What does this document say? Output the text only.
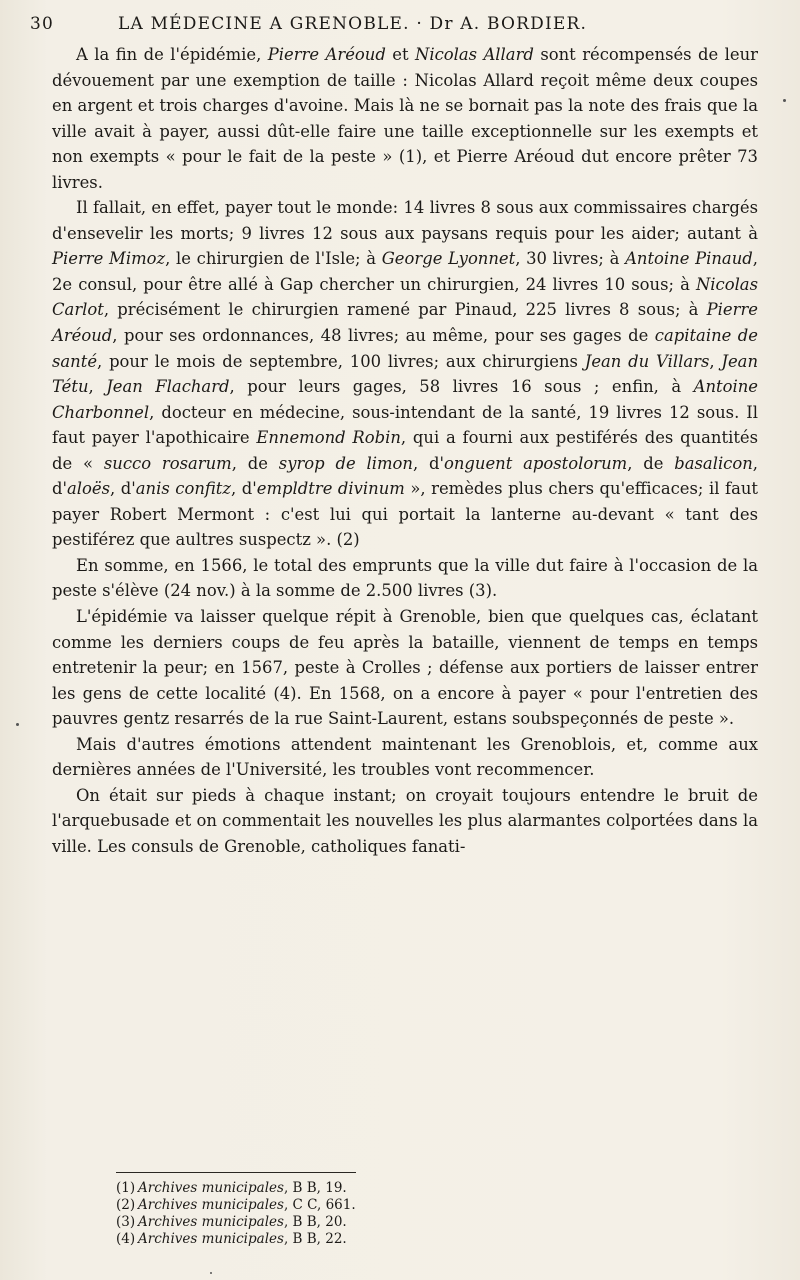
30	LA MÉDECINE A GRENOBLE. · Dr A. BORDIER.

A la fin de l'épidémie, Pierre Aréoud et Nicolas Allard sont récompensés de leur dévouement par une exemption de taille : Nicolas Allard reçoit même deux coupes en argent et trois charges d'avoine. Mais là ne se bornait pas la note des frais que la ville avait à payer, aussi dût-elle faire une taille exceptionnelle sur les exempts et non exempts « pour le fait de la peste » (1), et Pierre Aréoud dut encore prêter 73 livres.

Il fallait, en effet, payer tout le monde: 14 livres 8 sous aux commissaires chargés d'ensevelir les morts; 9 livres 12 sous aux paysans requis pour les aider; autant à Pierre Mimoz, le chirurgien de l'Isle; à George Lyonnet, 30 livres; à Antoine Pinaud, 2e consul, pour être allé à Gap chercher un chirurgien, 24 livres 10 sous; à Nicolas Carlot, précisément le chirurgien ramené par Pinaud, 225 livres 8 sous; à Pierre Aréoud, pour ses ordonnances, 48 livres; au même, pour ses gages de capitaine de santé, pour le mois de septembre, 100 livres; aux chirurgiens Jean du Villars, Jean Tétu, Jean Flachard, pour leurs gages, 58 livres 16 sous ; enfin, à Antoine Charbonnel, docteur en médecine, sous-intendant de la santé, 19 livres 12 sous. Il faut payer l'apothicaire Ennemond Robin, qui a fourni aux pestiférés des quantités de « succo rosarum, de syrop de limon, d'onguent apostolorum, de basalicon, d'aloës, d'anis confitz, d'empldtre divinum », remèdes plus chers qu'efficaces; il faut payer Robert Mermont : c'est lui qui portait la lanterne au-devant « tant des pestiférez que aultres suspectz ». (2)

En somme, en 1566, le total des emprunts que la ville dut faire à l'occasion de la peste s'élève (24 nov.) à la somme de 2.500 livres (3).

L'épidémie va laisser quelque répit à Grenoble, bien que quelques cas, éclatant comme les derniers coups de feu après la bataille, viennent de temps en temps entretenir la peur; en 1567, peste à Crolles ; défense aux portiers de laisser entrer les gens de cette localité (4). En 1568, on a encore à payer « pour l'entretien des pauvres gentz resarrés de la rue Saint-Laurent, estans soubspeçonnés de peste ».

Mais d'autres émotions attendent maintenant les Grenoblois, et, comme aux dernières années de l'Université, les troubles vont recommencer.

On était sur pieds à chaque instant; on croyait toujours entendre le bruit de l'arquebusade et on commentait les nouvelles les plus alarmantes colportées dans la ville. Les consuls de Grenoble, catholiques fanati-

(1) Archives municipales, B B, 19.
(2) Archives municipales, C C, 661.
(3) Archives municipales, B B, 20.
(4) Archives municipales, B B, 22.
